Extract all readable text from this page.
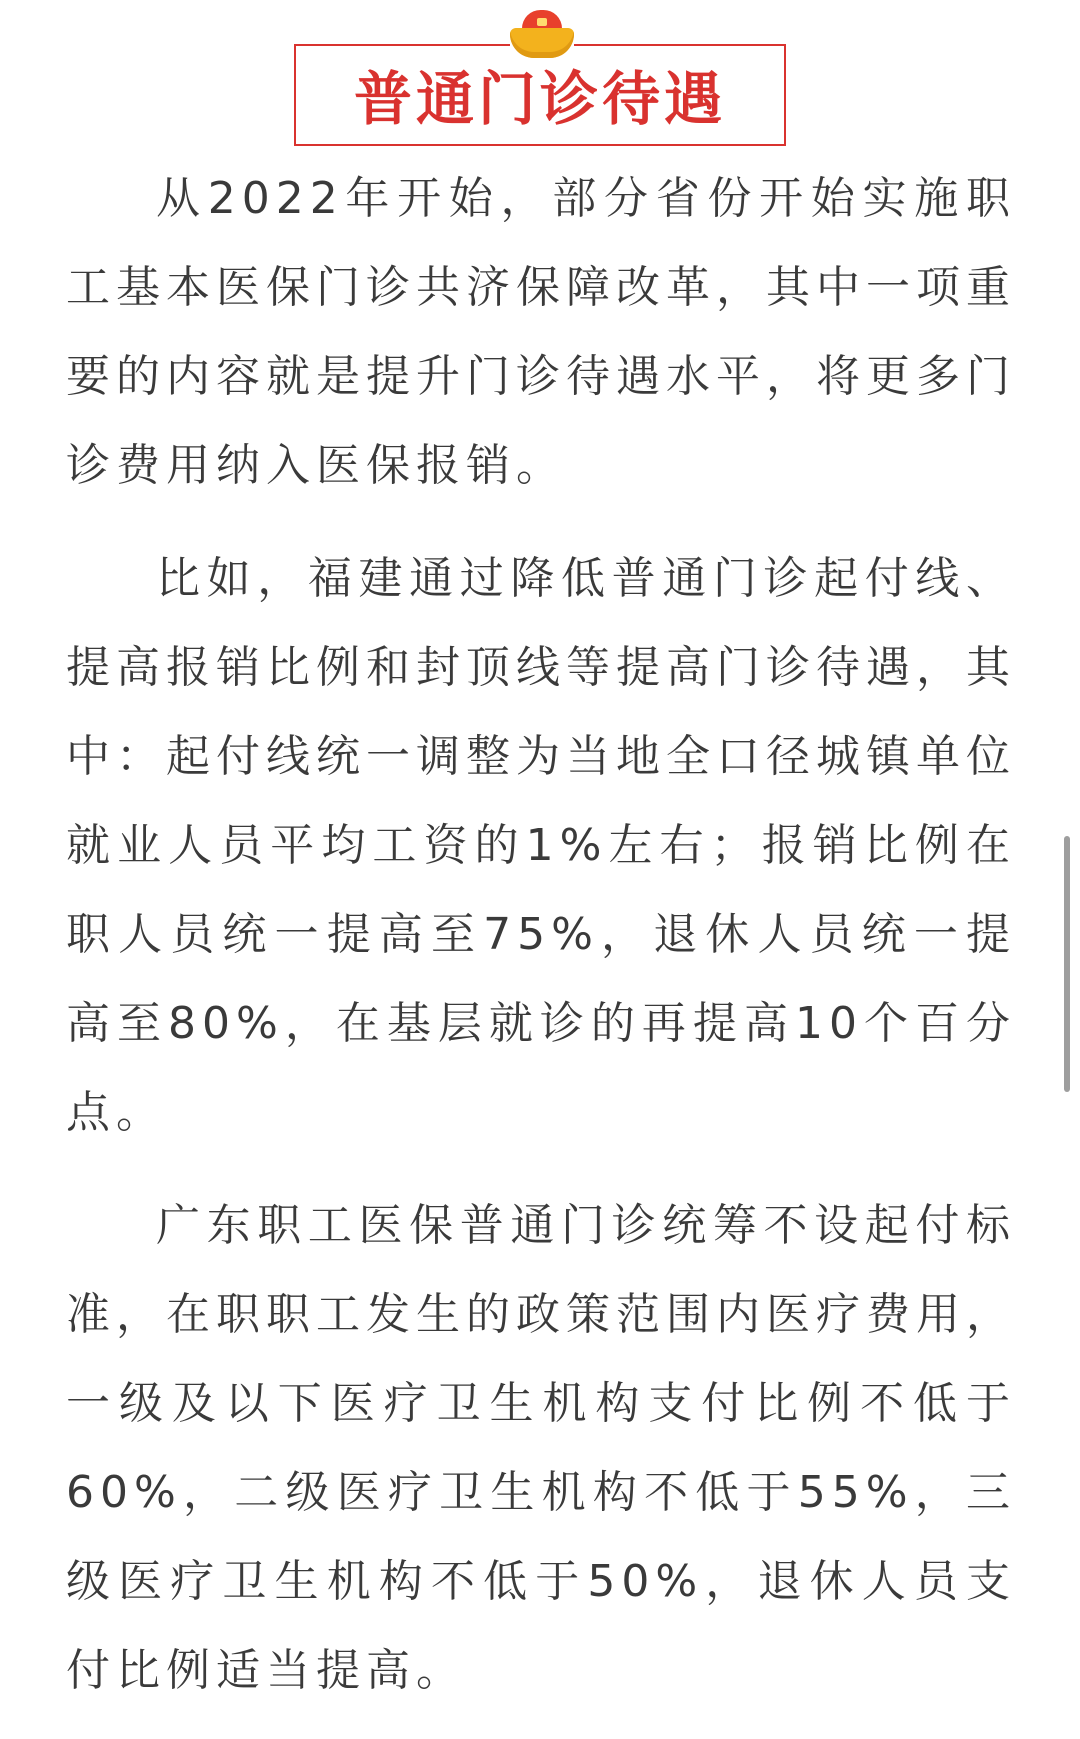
普通门诊待遇

从2022年开始，部分省份开始实施职工基本医保门诊共济保障改革，其中一项重要的内容就是提升门诊待遇水平，将更多门诊费用纳入医保报销。

比如，福建通过降低普通门诊起付线、提高报销比例和封顶线等提高门诊待遇，其中：起付线统一调整为当地全口径城镇单位就业人员平均工资的1%左右；报销比例在职人员统一提高至75%，退休人员统一提高至80%，在基层就诊的再提高10个百分点。

广东职工医保普通门诊统筹不设起付标准，在职职工发生的政策范围内医疗费用，一级及以下医疗卫生机构支付比例不低于60%，二级医疗卫生机构不低于55%，三级医疗卫生机构不低于50%，退休人员支付比例适当提高。
